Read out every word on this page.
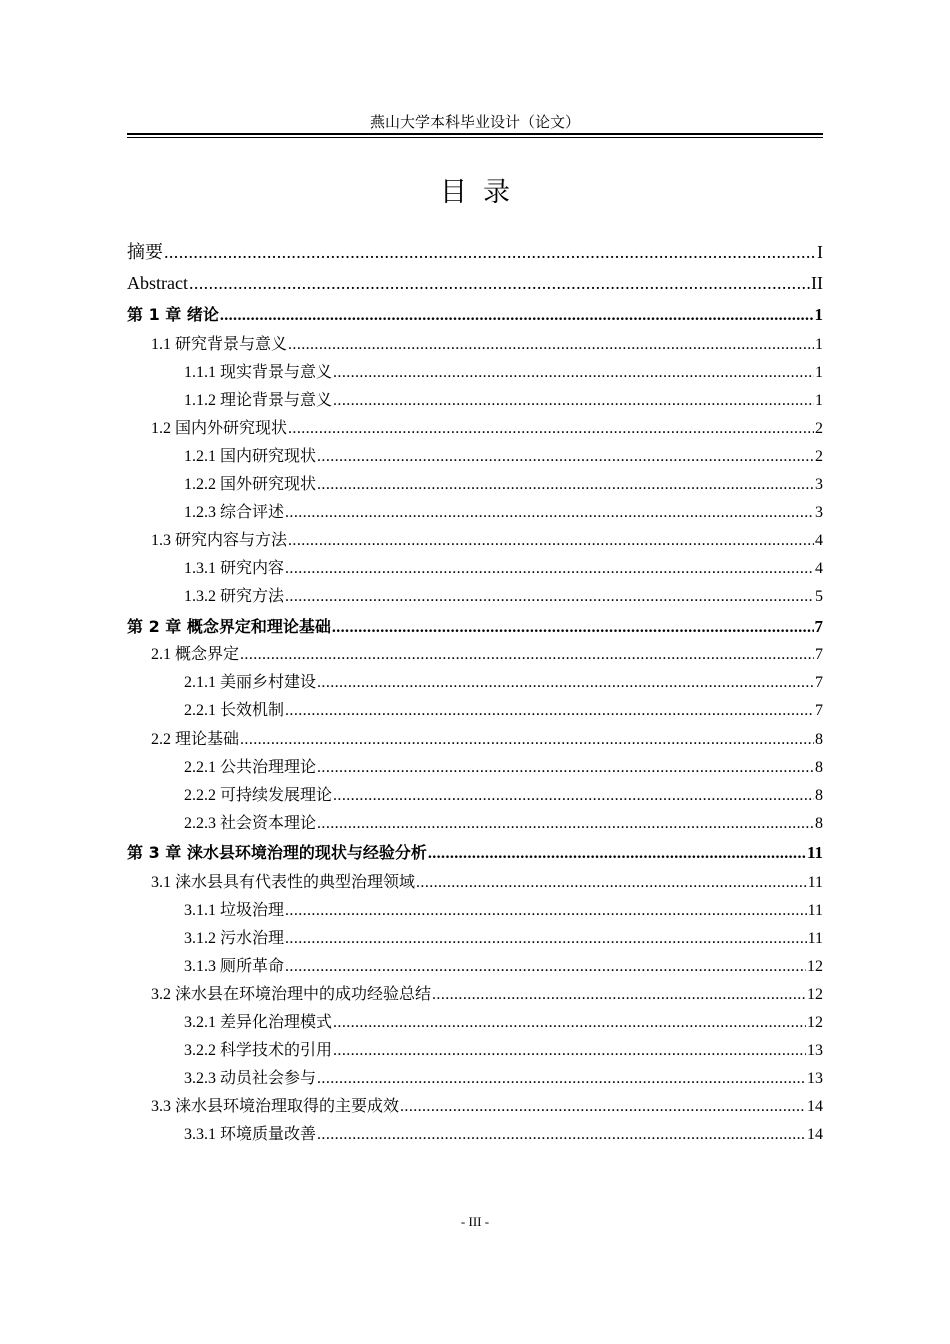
燕山大学本科毕业设计（论文）
目录
摘要 .....	I
Abstract .....	II
第 1 章 绪论 .....	1
1.1 研究背景与意义 .....	1
1.1.1 现实背景与意义 .....	1
1.1.2 理论背景与意义 .....	1
1.2 国内外研究现状 .....	2
1.2.1 国内研究现状 .....	2
1.2.2 国外研究现状 .....	3
1.2.3 综合评述 .....	3
1.3 研究内容与方法 .....	4
1.3.1 研究内容 .....	4
1.3.2 研究方法 .....	5
第 2 章 概念界定和理论基础 .....	7
2.1 概念界定 .....	7
2.1.1 美丽乡村建设 .....	7
2.2.1 长效机制 .....	7
2.2 理论基础 .....	8
2.2.1 公共治理理论 .....	8
2.2.2 可持续发展理论 .....	8
2.2.3 社会资本理论 .....	8
第 3 章 涞水县环境治理的现状与经验分析 .....	11
3.1 涞水县具有代表性的典型治理领域 .....	11
3.1.1 垃圾治理 .....	11
3.1.2 污水治理 .....	11
3.1.3 厕所革命 .....	12
3.2 涞水县在环境治理中的成功经验总结 .....	12
3.2.1 差异化治理模式 .....	12
3.2.2 科学技术的引用 .....	13
3.2.3 动员社会参与 .....	13
3.3 涞水县环境治理取得的主要成效 .....	14
3.3.1 环境质量改善 .....	14
- III -
